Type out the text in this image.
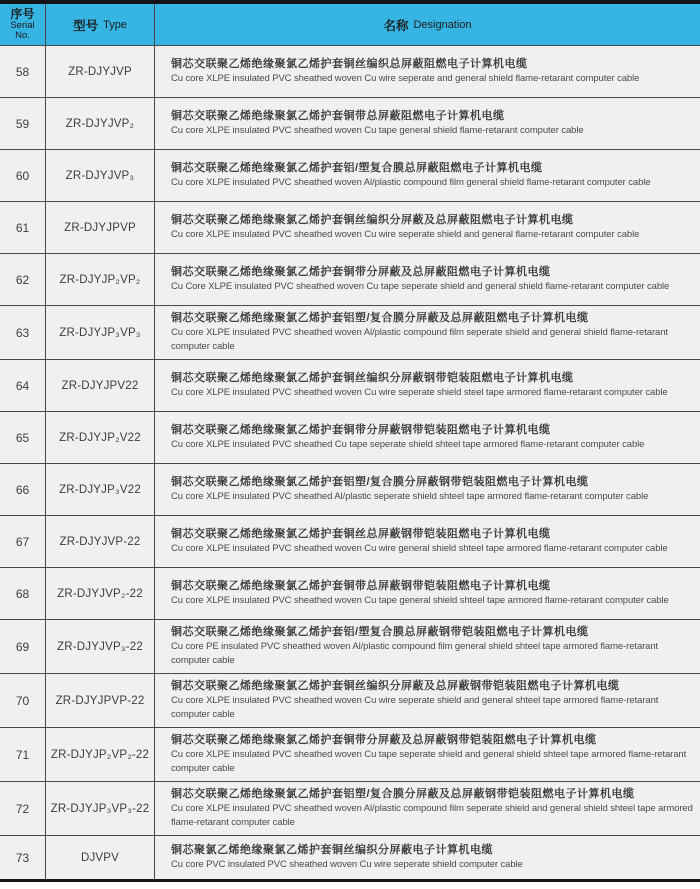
序号
Serial
No.
型号 Type	名称 Designation
58	ZR-DJYJVP
铜芯交联聚乙烯绝缘聚氯乙烯护套铜丝编织总屏蔽阻燃电子计算机电缆
Cu core XLPE insulated PVC sheathed woven Cu wire seperate and general shield flame-retarant computer cable
59	ZR-DJYJVP₂
铜芯交联聚乙烯绝缘聚氯乙烯护套铜带总屏蔽阻燃电子计算机电缆
Cu core XLPE insulated PVC sheathed woven Cu tape general shield flame-retarant computer cable
60	ZR-DJYJVP₃
铜芯交联聚乙烯绝缘聚氯乙烯护套铝/塑复合膜总屏蔽阻燃电子计算机电缆
Cu core XLPE insulated PVC sheathed woven Al/plastic compound film general shield flame-retarant computer cable
61	ZR-DJYJPVP
铜芯交联聚乙烯绝缘聚氯乙烯护套铜丝编织分屏蔽及总屏蔽阻燃电子计算机电缆
Cu core XLPE insulated PVC sheathed woven Cu wire seperate shield and general flame-retarant computer cable
62	ZR-DJYJP₂VP₂
铜芯交联聚乙烯绝缘聚氯乙烯护套铜带分屏蔽及总屏蔽阻燃电子计算机电缆
Cu Core XLPE insulated PVC sheathed woven Cu tape seperate shield and general shield flame-retarant computer cable
63	ZR-DJYJP₃VP₃
铜芯交联聚乙烯绝缘聚氯乙烯护套铝塑/复合膜分屏蔽及总屏蔽阻燃电子计算机电缆
Cu core XLPE insulated PVC sheathed woven Al/plastic compound film seperate shield and general shield flame-retarant computer cable
64	ZR-DJYJPV22
铜芯交联聚乙烯绝缘聚氯乙烯护套铜丝编织分屏蔽钢带铠装阻燃电子计算机电缆
Cu core XLPE insulated PVC sheathed woven Cu wire seperate shield steel tape armored flame-retarant computer cable
65	ZR-DJYJP₂V22
铜芯交联聚乙烯绝缘聚氯乙烯护套铜带分屏蔽钢带铠装阻燃电子计算机电缆
Cu core XLPE insulated PVC sheathed Cu tape seperate shield shteel tape armored flame-retarant computer cable
66	ZR-DJYJP₃V22
铜芯交联聚乙烯绝缘聚氯乙烯护套铝塑/复合膜分屏蔽钢带铠装阻燃电子计算机电缆
Cu core XLPE insulated PVC sheathed Al/plastic seperate shield shteel tape armored flame-retarant computer cable
67	ZR-DJYJVP-22
铜芯交联聚乙烯绝缘聚氯乙烯护套铜丝总屏蔽钢带铠装阻燃电子计算机电缆
Cu core XLPE insulated PVC sheathed woven Cu wire general shield shteel tape armored flame-retarant computer cable
68 ZR-DJYJVP₂-22
铜芯交联聚乙烯绝缘聚氯乙烯护套铜带总屏蔽钢带铠装阻燃电子计算机电缆
Cu core XLPE insulated PVC sheathed woven Cu tape general shield shteel tape armored flame-retarant computer cable
69 ZR-DJYJVP₃-22
铜芯交联聚乙烯绝缘聚氯乙烯护套铝/塑复合膜总屏蔽钢带铠装阻燃电子计算机电缆
Cu core PE insulated PVC sheathed woven Al/plastic compound film general shield shteel tape armored flame-retarant computer cable
70 ZR-DJYJPVP-22
铜芯交联聚乙烯绝缘聚氯乙烯护套铜丝编织分屏蔽及总屏蔽钢带铠装阻燃电子计算机电缆
Cu core XLPE insulated PVC sheathed woven Cu wire seperate shield and general shteel tape armored flame-retarant computer cable
71 ZR-DJYJP₂VP₂-22
铜芯交联聚乙烯绝缘聚氯乙烯护套铜带分屏蔽及总屏蔽钢带铠装阻燃电子计算机电缆
Cu core XLPE insulated PVC sheathed woven Cu tape seperate shield and general shield shteel tape armored flame-retarant computer cable
72 ZR-DJYJP₃VP₃-22
铜芯交联聚乙烯绝缘聚氯乙烯护套铝塑/复合膜分屏蔽及总屏蔽钢带铠装阻燃电子计算机电缆
Cu core XLPE insulated PVC sheathed woven Al/plastic compound film seperate shield and general shield shteel tape armored flame-retarant computer cable
73	DJVPV
铜芯聚氯乙烯绝缘聚氯乙烯护套铜丝编织分屏蔽电子计算机电缆
Cu core PVC insulated PVC sheathed woven Cu wire seperate shield computer cable
